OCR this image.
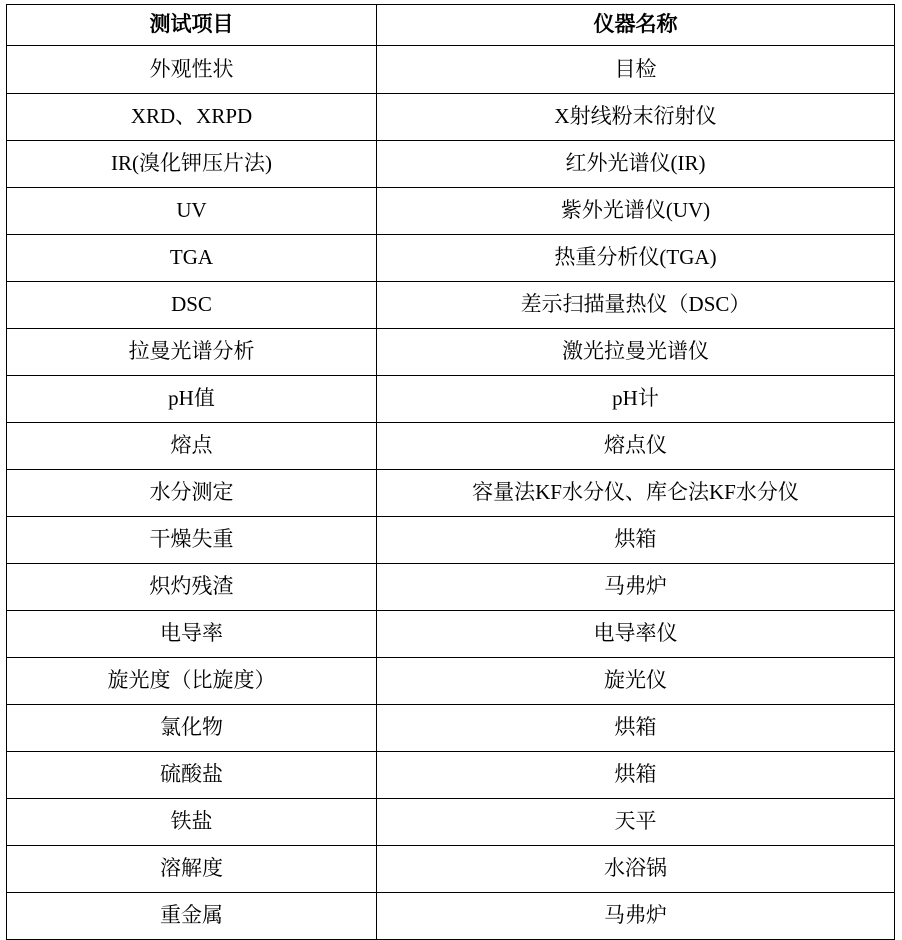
测试项目	仪器名称

外观性状	目检

XRD、XRPD	X射线粉末衍射仪

IR(溴化钾压片法)	红外光谱仪(IR)

UV	紫外光谱仪(UV)

TGA	热重分析仪(TGA)

DSC	差示扫描量热仪（DSC）

拉曼光谱分析	激光拉曼光谱仪

pH值	pH计

熔点	熔点仪

水分测定	容量法KF水分仪、库仑法KF水分仪

干燥失重	烘箱

炽灼残渣	马弗炉

电导率	电导率仪

旋光度（比旋度）	旋光仪

氯化物	烘箱

硫酸盐	烘箱

铁盐	天平

溶解度	水浴锅

重金属	马弗炉
